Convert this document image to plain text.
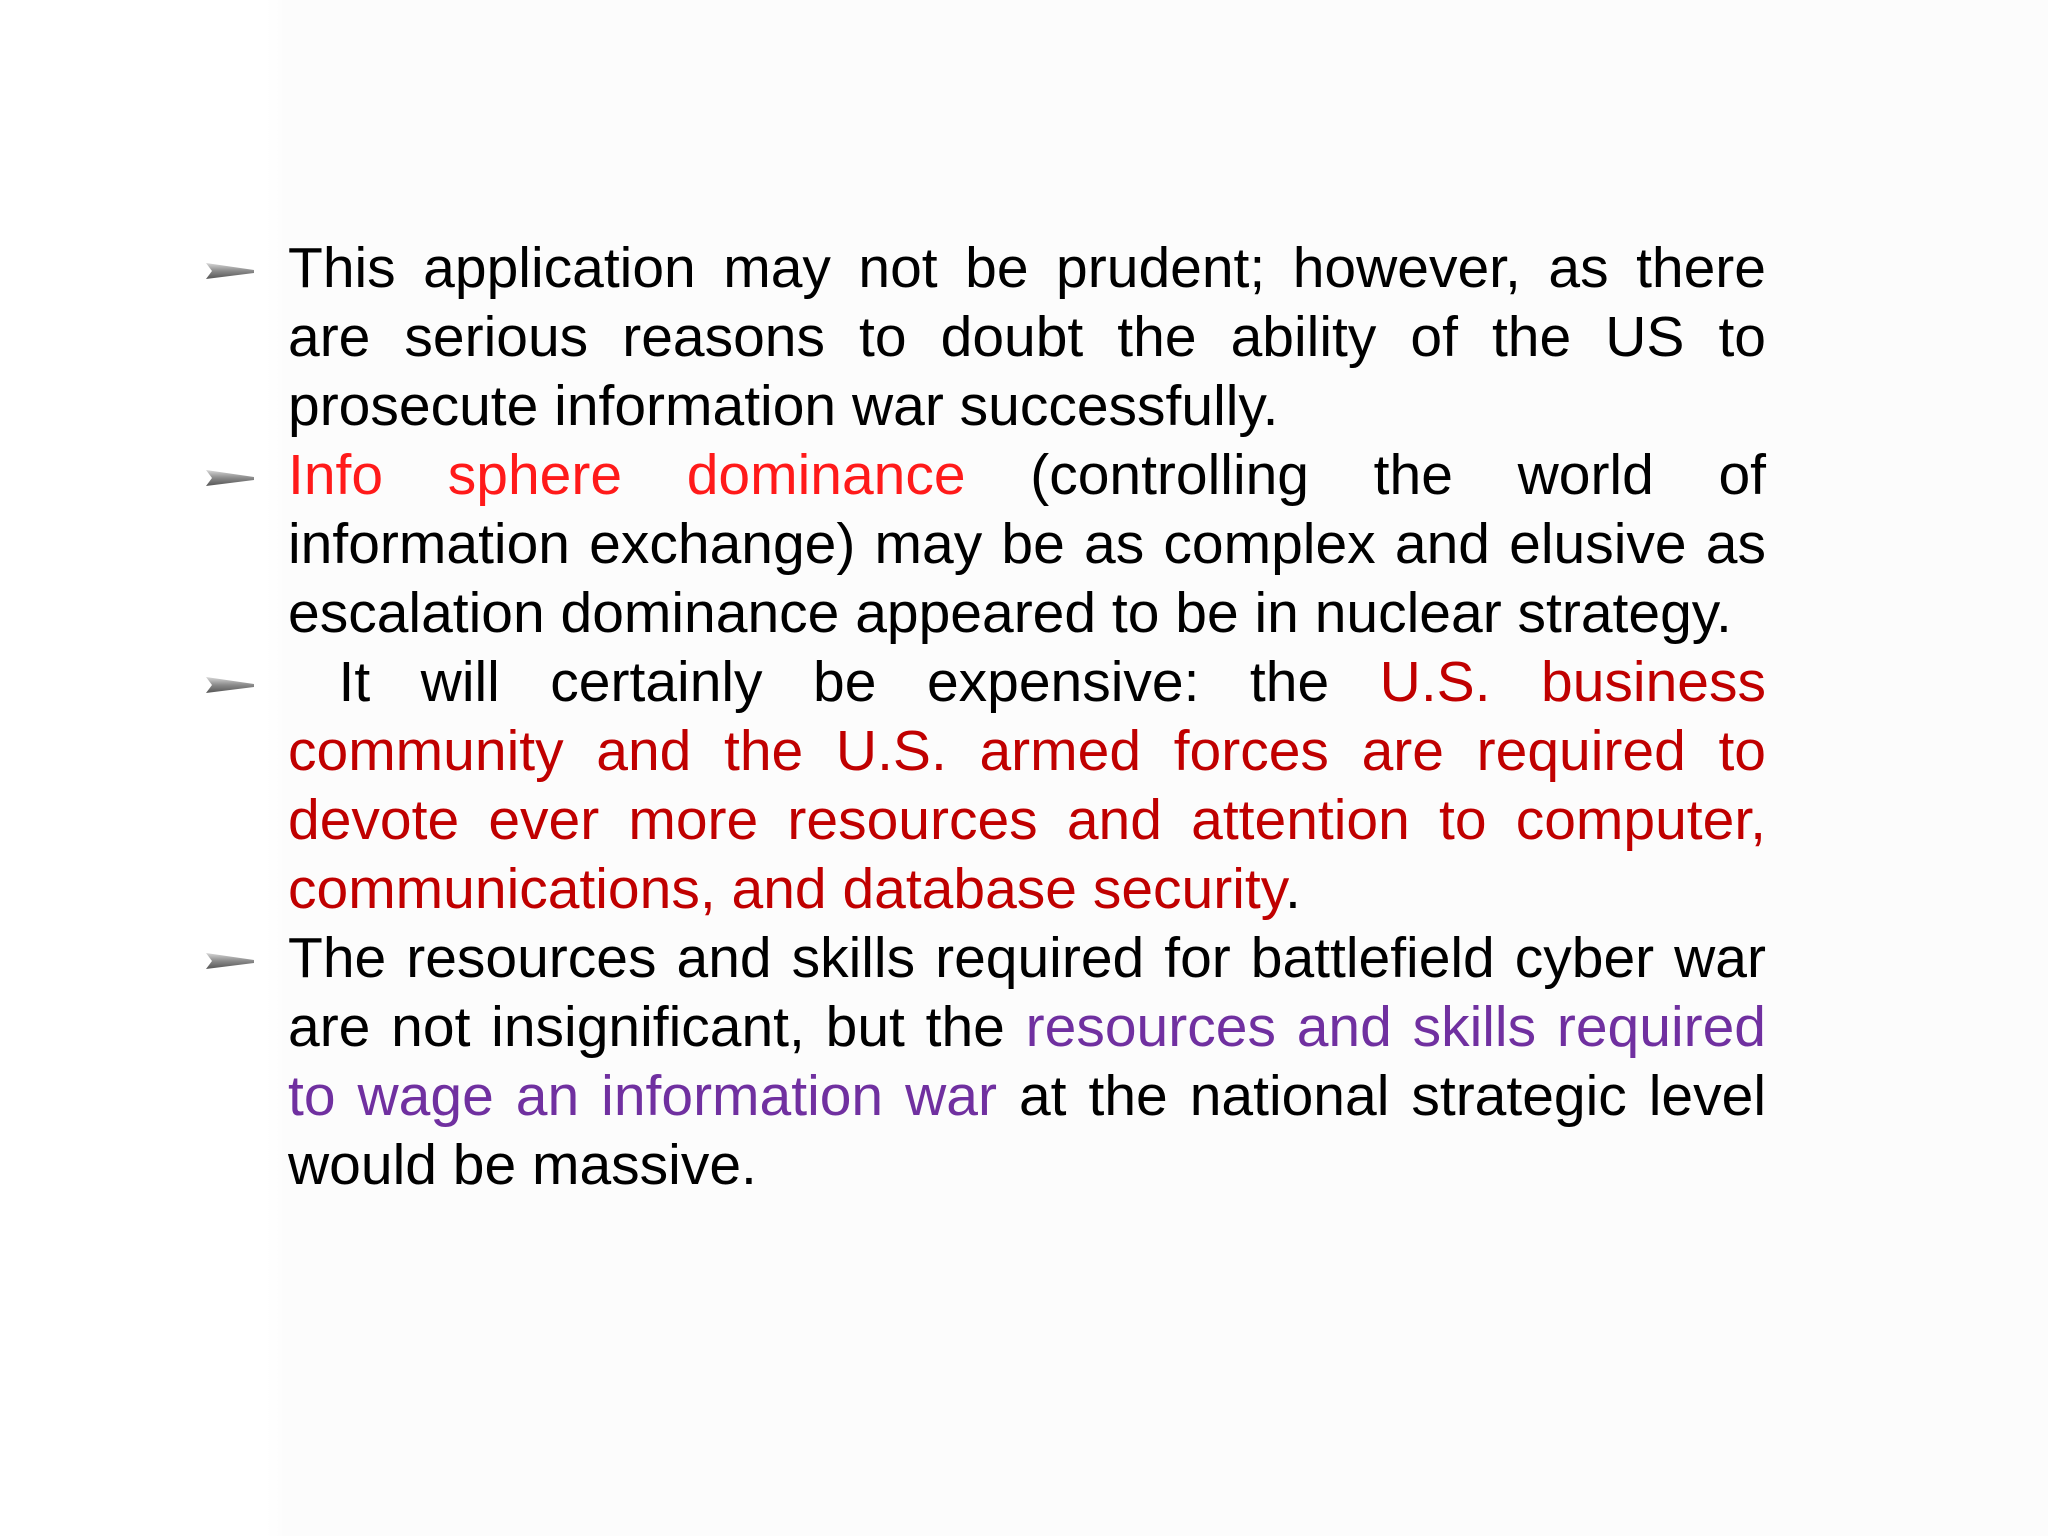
This application may not be prudent; however, as there are serious reasons to doubt the ability of the US to prosecute information war successfully.
Info sphere dominance (controlling the world of information exchange) may be as complex and elusive as escalation dominance appeared to be in nuclear strategy.
It will certainly be expensive: the U.S. business community and the U.S. armed forces are required to devote ever more resources and attention to computer, communications, and database security.
The resources and skills required for battlefield cyber war are not insignificant, but the resources and skills required to wage an information war at the national strategic level would be massive.
